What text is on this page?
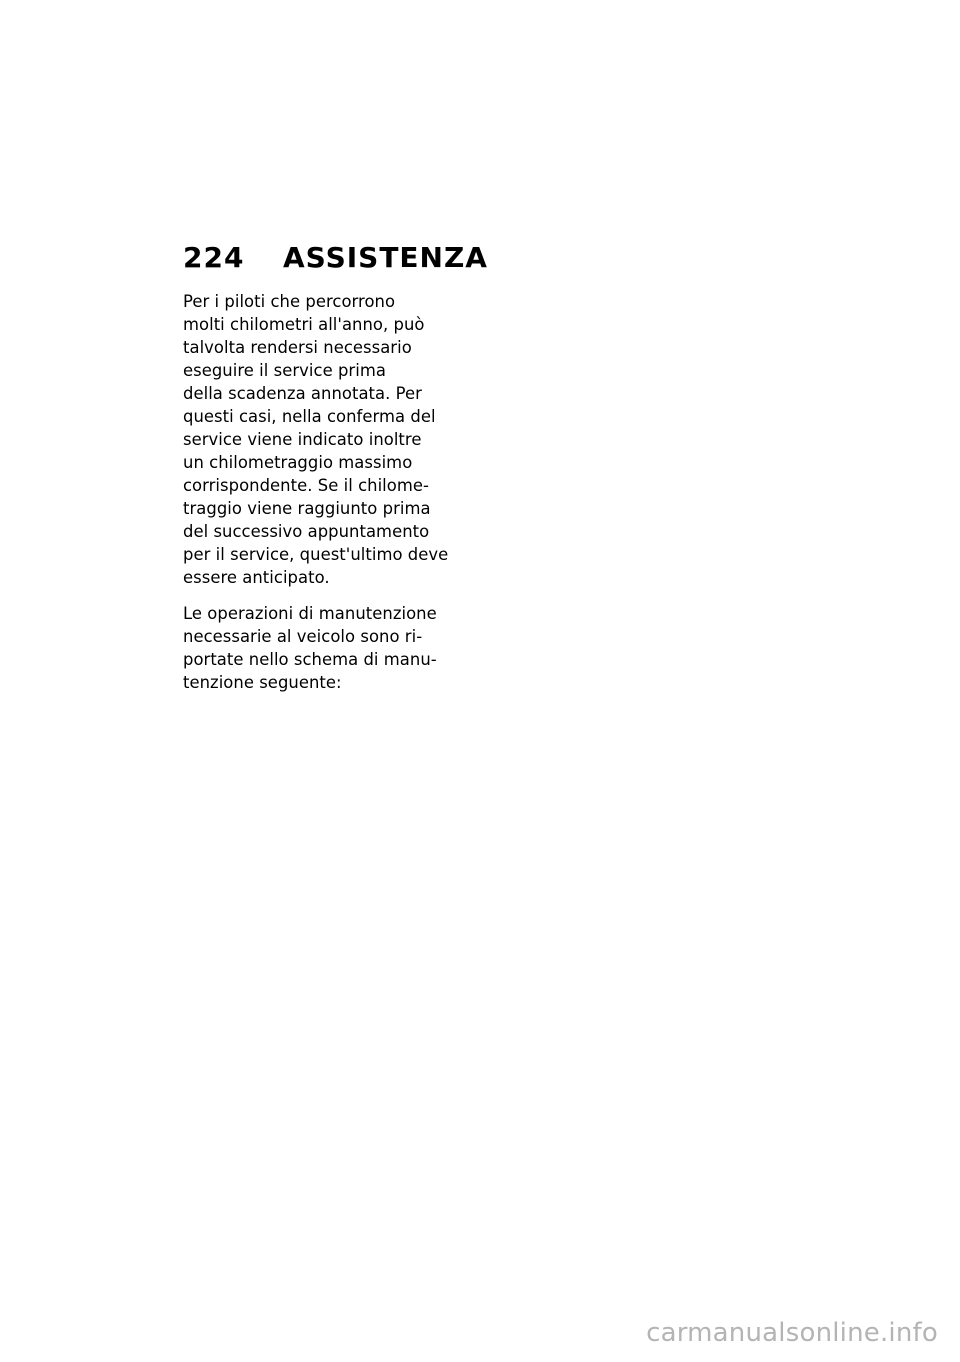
224	ASSISTENZA

Per i piloti che percorrono
molti chilometri all'anno, può
talvolta rendersi necessario
eseguire il service prima
della scadenza annotata. Per
questi casi, nella conferma del
service viene indicato inoltre
un chilometraggio massimo
corrispondente. Se il chilome-
traggio viene raggiunto prima
del successivo appuntamento
per il service, quest'ultimo deve
essere anticipato.

Le operazioni di manutenzione
necessarie al veicolo sono ri-
portate nello schema di manu-
tenzione seguente:

carmanualsonline.info
